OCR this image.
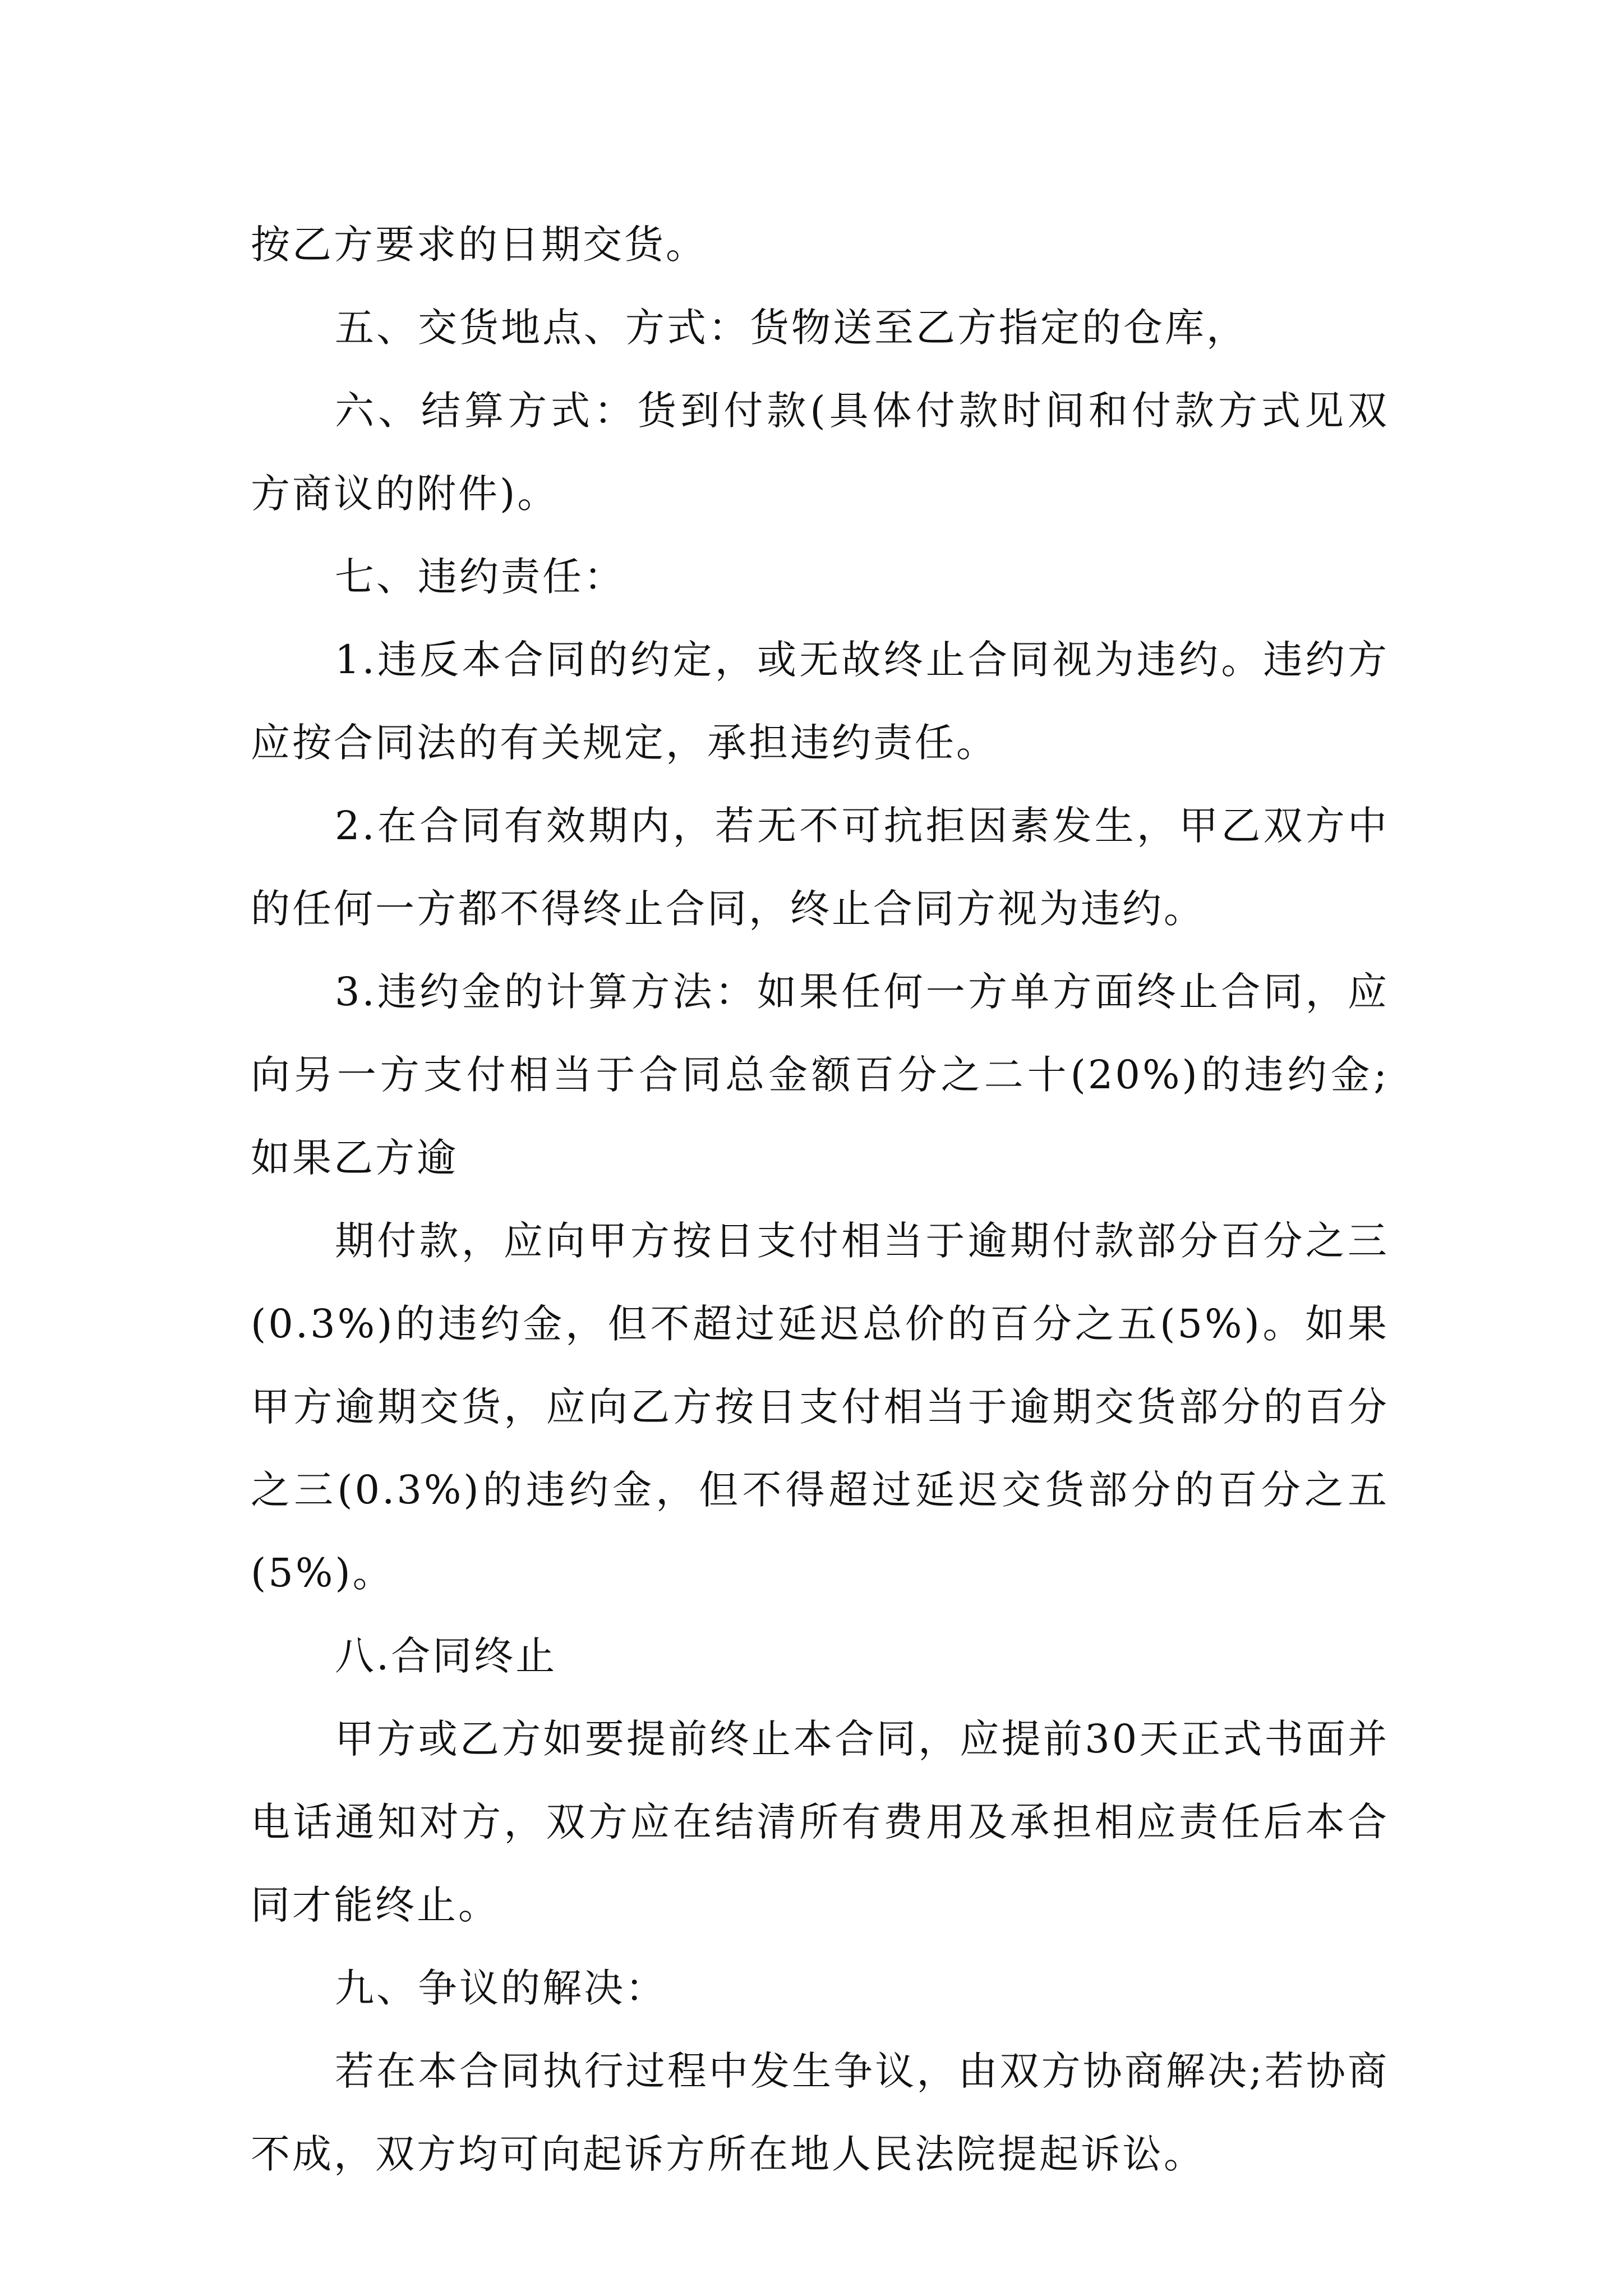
按乙方要求的日期交货。

五、交货地点、方式：货物送至乙方指定的仓库，

六、结算方式：货到付款(具体付款时间和付款方式见双方商议的附件)。

七、违约责任：

1.违反本合同的约定，或无故终止合同视为违约。违约方应按合同法的有关规定，承担违约责任。

2.在合同有效期内，若无不可抗拒因素发生，甲乙双方中的任何一方都不得终止合同，终止合同方视为违约。

3.违约金的计算方法：如果任何一方单方面终止合同，应向另一方支付相当于合同总金额百分之二十(20%)的违约金;如果乙方逾

期付款，应向甲方按日支付相当于逾期付款部分百分之三(0.3%)的违约金，但不超过延迟总价的百分之五(5%)。如果甲方逾期交货，应向乙方按日支付相当于逾期交货部分的百分之三(0.3%)的违约金，但不得超过延迟交货部分的百分之五(5%)。

八.合同终止

甲方或乙方如要提前终止本合同，应提前30天正式书面并电话通知对方，双方应在结清所有费用及承担相应责任后本合同才能终止。

九、争议的解决：

若在本合同执行过程中发生争议，由双方协商解决;若协商不成，双方均可向起诉方所在地人民法院提起诉讼。
